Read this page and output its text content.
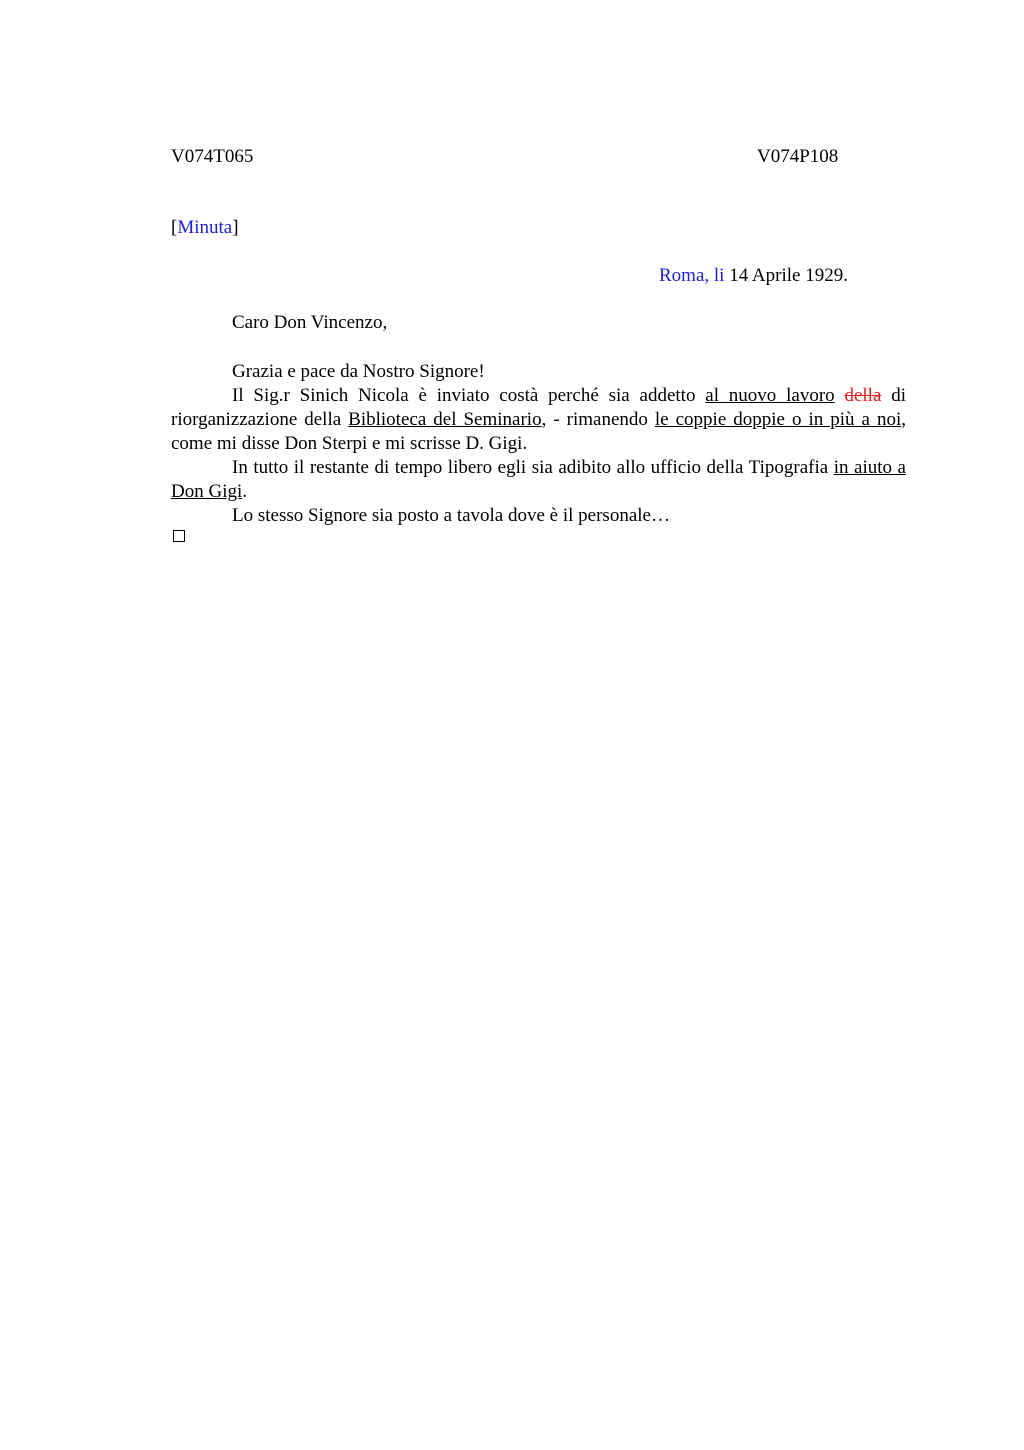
V074T065	V074P108
[Minuta]
Roma, li 14 Aprile 1929.
Caro Don Vincenzo,

Grazia e pace da Nostro Signore!

Il Sig.r Sinich Nicola è inviato costà perché sia addetto al nuovo lavoro della di riorganizzazione della Biblioteca del Seminario, - rimanendo le coppie doppie o in più a noi, come mi disse Don Sterpi e mi scrisse D. Gigi.

In tutto il restante di tempo libero egli sia adibito allo ufficio della Tipografia in aiuto a Don Gigi.

Lo stesso Signore sia posto a tavola dove è il personale…
